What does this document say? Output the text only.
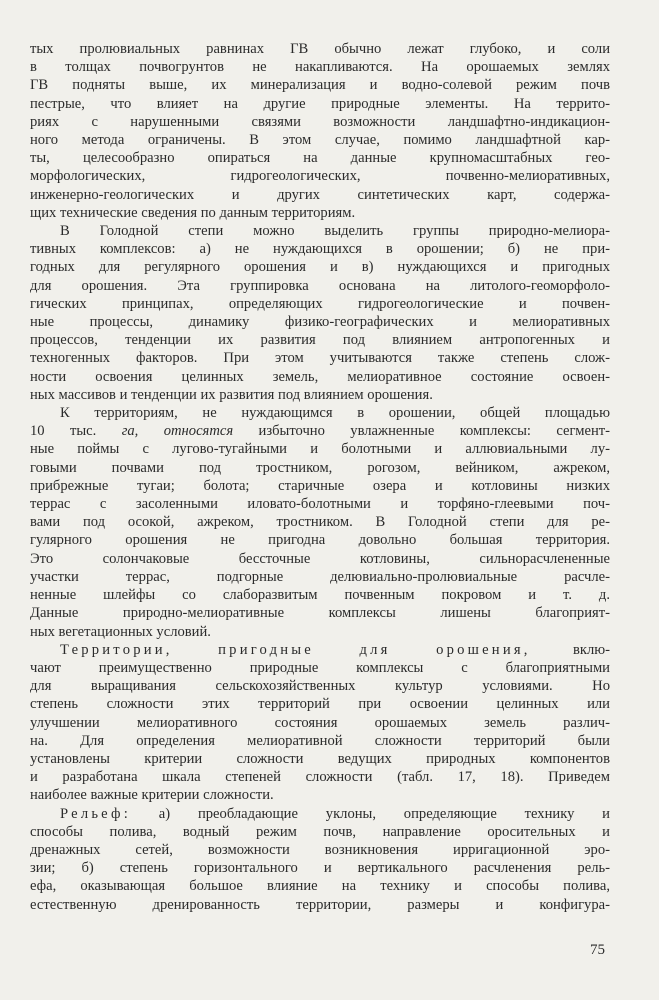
тых пролювиальных равнинах ГВ обычно лежат глубоко, и соли
в толщах почвогрунтов не накапливаются. На орошаемых землях
ГВ подняты выше, их минерализация и водно-солевой режим почв
пестрые, что влияет на другие природные элементы. На террито-
риях с нарушенными связями возможности ландшафтно-индикацион-
ного метода ограничены. В этом случае, помимо ландшафтной кар-
ты, целесообразно опираться на данные крупномасштабных гео-
морфологических, гидрогеологических, почвенно-мелиоративных,
инженерно-геологических и других синтетических карт, содержа-
щих технические сведения по данным территориям.

В Голодной степи можно выделить группы природно-мелиора-
тивных комплексов: а) не нуждающихся в орошении; б) не при-
годных для регулярного орошения и в) нуждающихся и пригодных
для орошения. Эта группировка основана на литолого-геоморфоло-
гических принципах, определяющих гидрогеологические и почвен-
ные процессы, динамику физико-географических и мелиоративных
процессов, тенденции их развития под влиянием антропогенных и
техногенных факторов. При этом учитываются также степень слож-
ности освоения целинных земель, мелиоративное состояние освоен-
ных массивов и тенденции их развития под влиянием орошения.

К территориям, не нуждающимся в орошении, общей площадью
10 тыс. га, относятся избыточно увлажненные комплексы: сегмент-
ные поймы с лугово-тугайными и болотными и аллювиальными лу-
говыми почвами под тростником, рогозом, вейником, ажреком,
прибрежные тугаи; болота; старичные озера и котловины низких
террас с засоленными иловато-болотными и торфяно-глеевыми поч-
вами под осокой, ажреком, тростником. В Голодной степи для ре-
гулярного орошения не пригодна довольно большая территория.
Это солончаковые бессточные котловины, сильнорасчлененные
участки террас, подгорные делювиально-пролювиальные расчле-
ненные шлейфы со слаборазвитым почвенным покровом и т. д.
Данные природно-мелиоративные комплексы лишены благоприят-
ных вегетационных условий.

Территории, пригодные для орошения, вклю-
чают преимущественно природные комплексы с благоприятными
для выращивания сельскохозяйственных культур условиями. Но
степень сложности этих территорий при освоении целинных или
улучшении мелиоративного состояния орошаемых земель различ-
на. Для определения мелиоративной сложности территорий были
установлены критерии сложности ведущих природных компонентов
и разработана шкала степеней сложности (табл. 17, 18). Приведем
наиболее важные критерии сложности.

Рельеф: а) преобладающие уклоны, определяющие технику и
способы полива, водный режим почв, направление оросительных и
дренажных сетей, возможности возникновения ирригационной эро-
зии; б) степень горизонтального и вертикального расчленения рель-
ефа, оказывающая большое влияние на технику и способы полива,
естественную дренированность территории, размеры и конфигура-

75
